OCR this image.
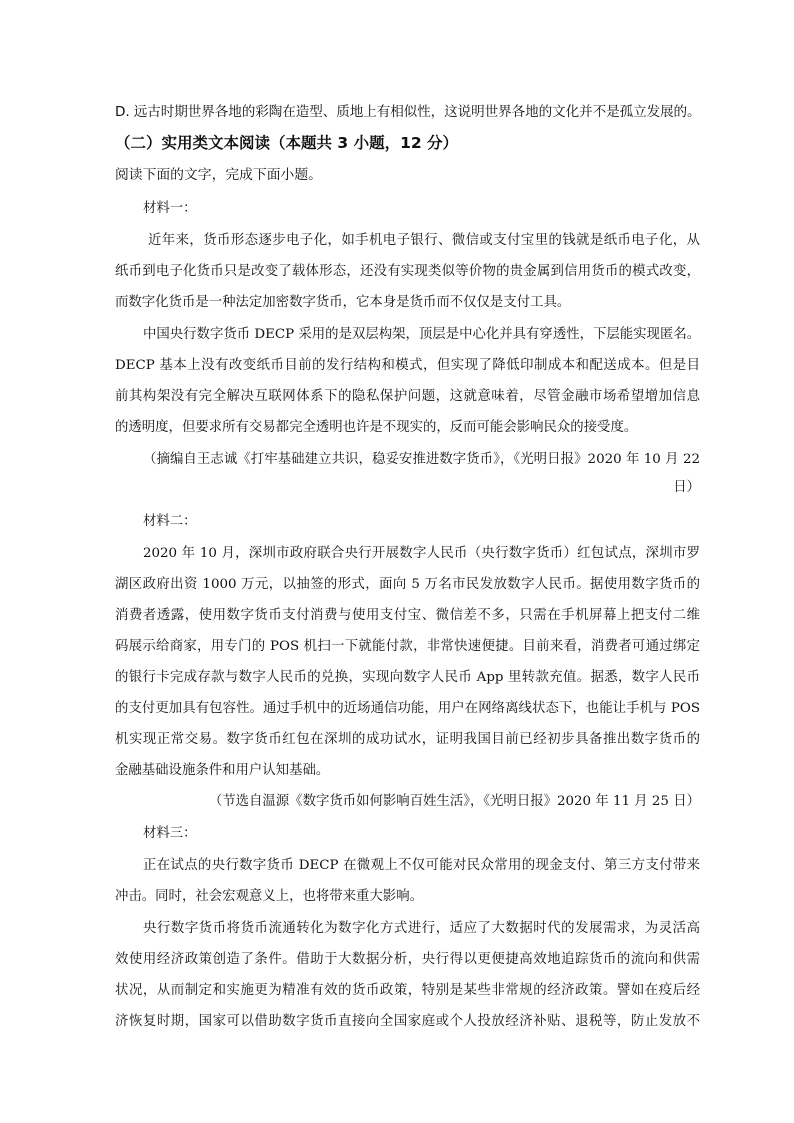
D. 远古时期世界各地的彩陶在造型、质地上有相似性，这说明世界各地的文化并不是孤立发展的。
（二）实用类文本阅读（本题共 3 小题，12 分）
阅读下面的文字，完成下面小题。
材料一：
近年来，货币形态逐步电子化，如手机电子银行、微信或支付宝里的钱就是纸币电子化，从
纸币到电子化货币只是改变了载体形态，还没有实现类似等价物的贵金属到信用货币的模式改变，
而数字化货币是一种法定加密数字货币，它本身是货币而不仅仅是支付工具。
中国央行数字货币 DECP 采用的是双层构架，顶层是中心化并具有穿透性，下层能实现匿名。
DECP 基本上没有改变纸币目前的发行结构和模式，但实现了降低印制成本和配送成本。但是目
前其构架没有完全解决互联网体系下的隐私保护问题，这就意味着，尽管金融市场希望增加信息
的透明度，但要求所有交易都完全透明也许是不现实的，反而可能会影响民众的接受度。
（摘编自王志诚《打牢基础建立共识，稳妥安推进数字货币》，《光明日报》2020 年 10 月 22
日）
材料二：
2020 年 10 月，深圳市政府联合央行开展数字人民币（央行数字货币）红包试点，深圳市罗
湖区政府出资 1000 万元，以抽签的形式，面向 5 万名市民发放数字人民币。据使用数字货币的
消费者透露，使用数字货币支付消费与使用支付宝、微信差不多，只需在手机屏幕上把支付二维
码展示给商家，用专门的 POS 机扫一下就能付款，非常快速便捷。目前来看，消费者可通过绑定
的银行卡完成存款与数字人民币的兑换，实现向数字人民币 App 里转款充值。据悉，数字人民币
的支付更加具有包容性。通过手机中的近场通信功能，用户在网络离线状态下，也能让手机与 POS
机实现正常交易。数字货币红包在深圳的成功试水，证明我国目前已经初步具备推出数字货币的
金融基础设施条件和用户认知基础。
（节选自温源《数字货币如何影响百姓生活》，《光明日报》2020 年 11 月 25 日）
材料三：
正在试点的央行数字货币 DECP 在微观上不仅可能对民众常用的现金支付、第三方支付带来
冲击。同时，社会宏观意义上，也将带来重大影响。
央行数字货币将货币流通转化为数字化方式进行，适应了大数据时代的发展需求，为灵活高
效使用经济政策创造了条件。借助于大数据分析，央行得以更便捷高效地追踪货币的流向和供需
状况，从而制定和实施更为精准有效的货币政策，特别是某些非常规的经济政策。譬如在疫后经
济恢复时期，国家可以借助数字货币直接向全国家庭或个人投放经济补贴、退税等，防止发放不
